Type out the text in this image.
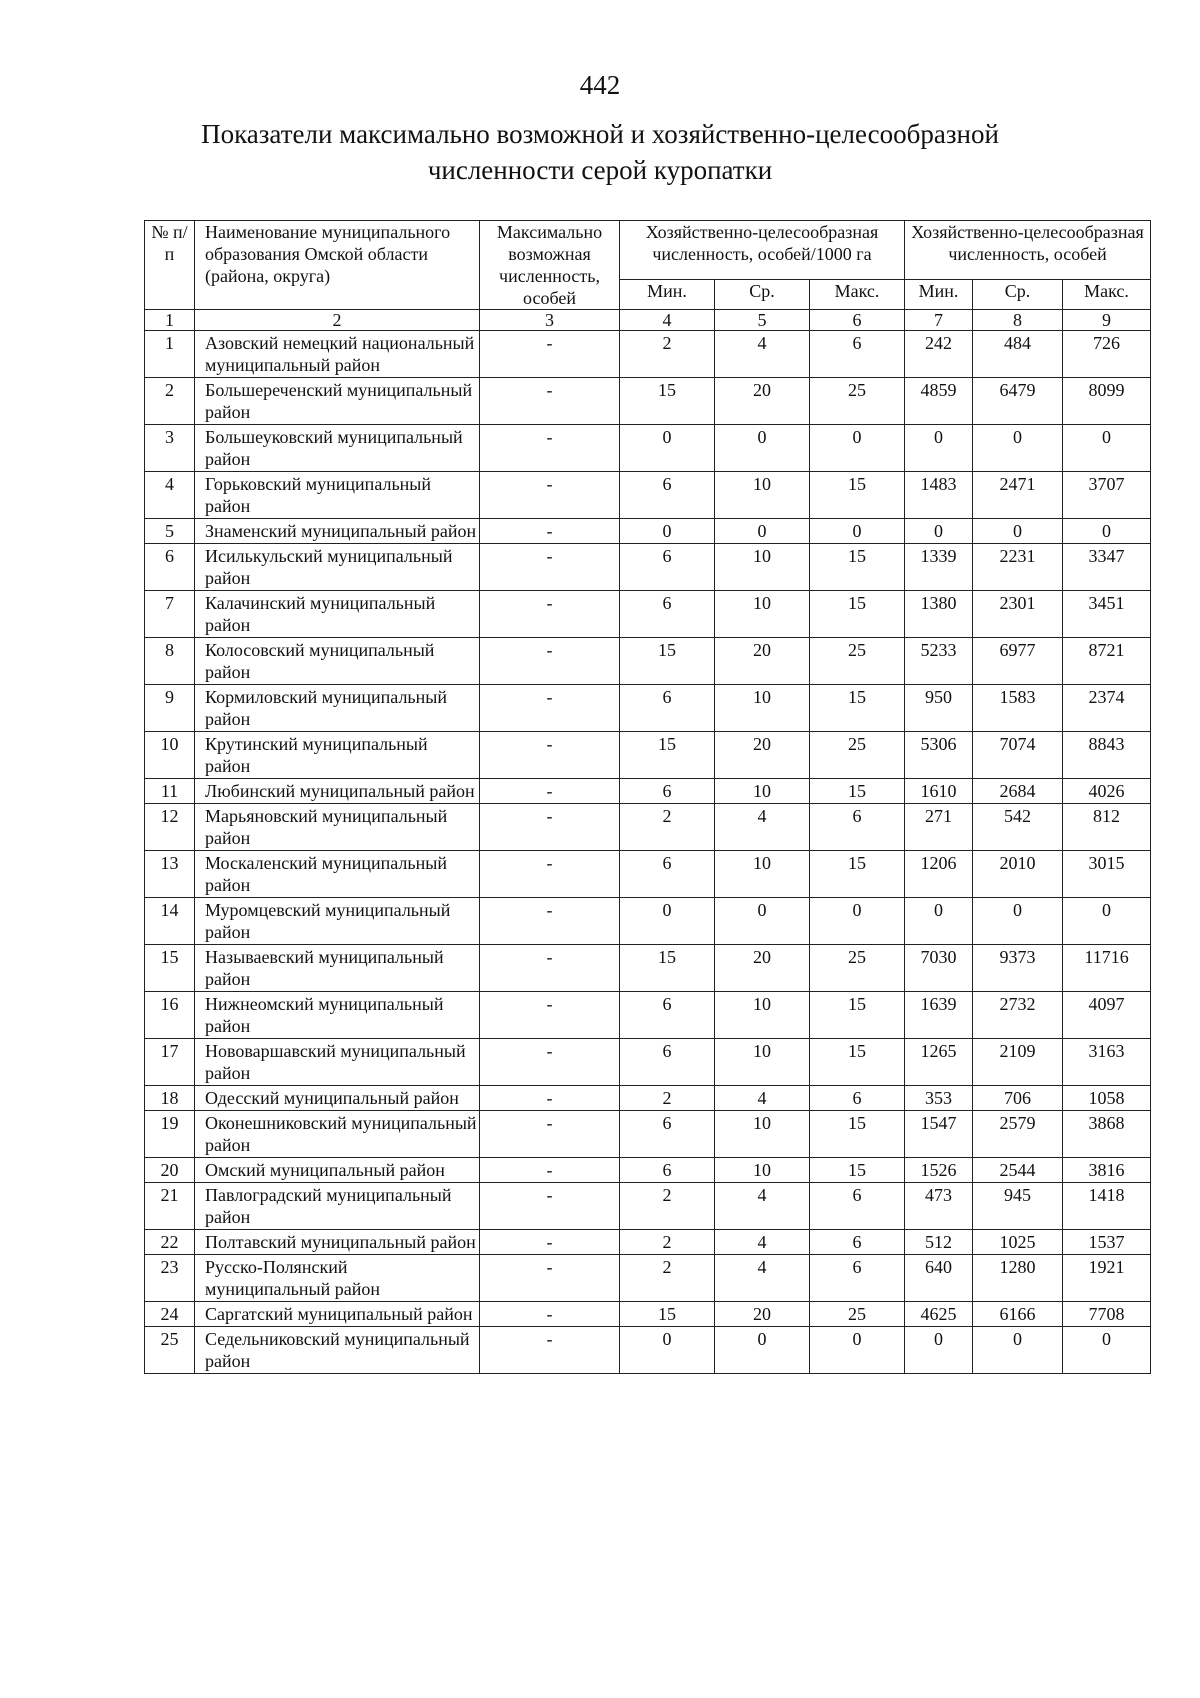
442
Показатели максимально возможной и хозяйственно-целесообразной
численности серой куропатки
№ п/п	Наименование муниципального образования Омской области (района, округа)	Максимально возможная численность, особей	Хозяйственно-целесообразная численность, особей/1000 га			Хозяйственно-целесообразная численность, особей		
			Мин.	Ср.	Макс.	Мин.	Ср.	Макс.
1	2	3	4	5	6	7	8	9
1	Азовский немецкий национальный муниципальный район	-	2	4	6	242	484	726
2	Большереченский муниципальный район	-	15	20	25	4859	6479	8099
3	Большеуковский муниципальный район	-	0	0	0	0	0	0
4	Горьковский муниципальный район	-	6	10	15	1483	2471	3707
5	Знаменский муниципальный район	-	0	0	0	0	0	0
6	Исилькульский муниципальный район	-	6	10	15	1339	2231	3347
7	Калачинский муниципальный район	-	6	10	15	1380	2301	3451
8	Колосовский муниципальный район	-	15	20	25	5233	6977	8721
9	Кормиловский муниципальный район	-	6	10	15	950	1583	2374
10	Крутинский муниципальный район	-	15	20	25	5306	7074	8843
11	Любинский муниципальный район	-	6	10	15	1610	2684	4026
12	Марьяновский муниципальный район	-	2	4	6	271	542	812
13	Москаленский муниципальный район	-	6	10	15	1206	2010	3015
14	Муромцевский муниципальный район	-	0	0	0	0	0	0
15	Называевский муниципальный район	-	15	20	25	7030	9373	11716
16	Нижнеомский муниципальный район	-	6	10	15	1639	2732	4097
17	Нововаршавский муниципальный район	-	6	10	15	1265	2109	3163
18	Одесский муниципальный район	-	2	4	6	353	706	1058
19	Оконешниковский муниципальный район	-	6	10	15	1547	2579	3868
20	Омский муниципальный район	-	6	10	15	1526	2544	3816
21	Павлоградский муниципальный район	-	2	4	6	473	945	1418
22	Полтавский муниципальный район	-	2	4	6	512	1025	1537
23	Русско-Полянский муниципальный район	-	2	4	6	640	1280	1921
24	Саргатский муниципальный район	-	15	20	25	4625	6166	7708
25	Седельниковский муниципальный район	-	0	0	0	0	0	0
